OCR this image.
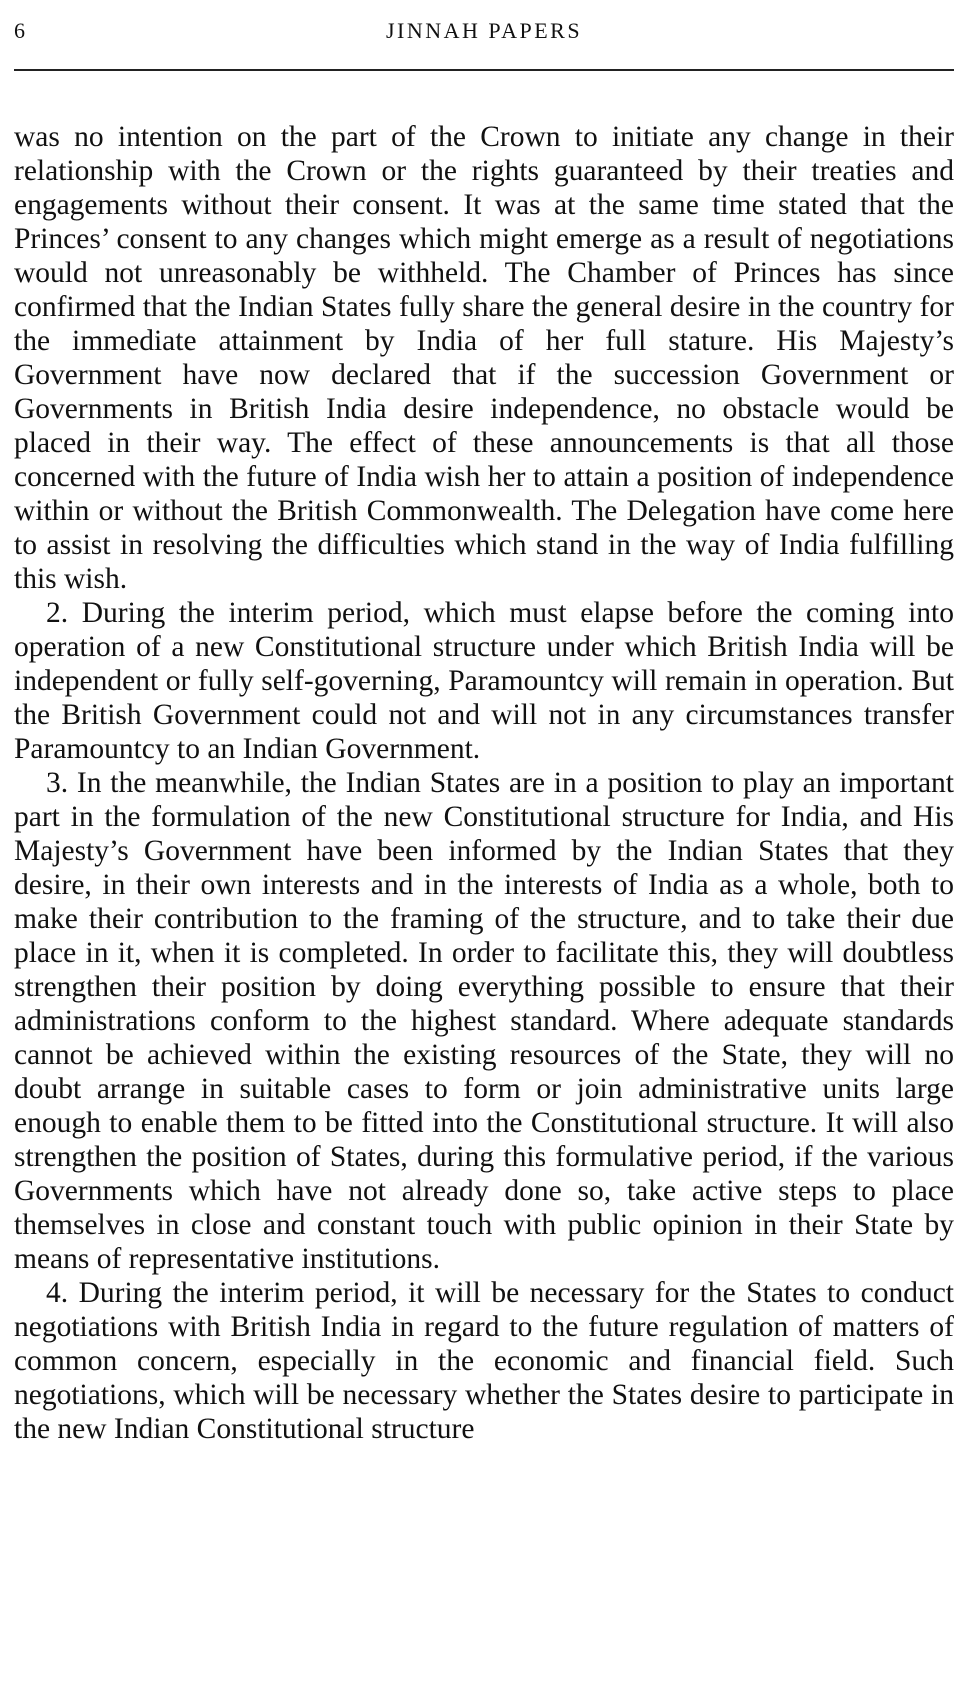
6	JINNAH PAPERS

was no intention on the part of the Crown to initiate any change in their relationship with the Crown or the rights guaranteed by their treaties and engagements without their consent. It was at the same time stated that the Princes’ consent to any changes which might emerge as a result of negotiations would not unreasonably be withheld. The Chamber of Princes has since confirmed that the Indian States fully share the general desire in the country for the immediate attainment by India of her full stature. His Majesty’s Government have now declared that if the succession Government or Governments in British India desire independence, no obstacle would be placed in their way. The effect of these announcements is that all those concerned with the future of India wish her to attain a position of independence within or without the British Commonwealth. The Delegation have come here to assist in resolving the difficulties which stand in the way of India fulfilling this wish.

2. During the interim period, which must elapse before the coming into operation of a new Constitutional structure under which British India will be independent or fully self-governing, Paramountcy will remain in operation. But the British Government could not and will not in any circumstances transfer Paramountcy to an Indian Government.

3. In the meanwhile, the Indian States are in a position to play an important part in the formulation of the new Constitutional structure for India, and His Majesty’s Government have been informed by the Indian States that they desire, in their own interests and in the interests of India as a whole, both to make their contribution to the framing of the structure, and to take their due place in it, when it is completed. In order to facilitate this, they will doubtless strengthen their position by doing everything possible to ensure that their administrations conform to the highest standard. Where adequate standards cannot be achieved within the existing resources of the State, they will no doubt arrange in suitable cases to form or join administrative units large enough to enable them to be fitted into the Constitutional structure. It will also strengthen the position of States, during this formulative period, if the various Governments which have not already done so, take active steps to place themselves in close and constant touch with public opinion in their State by means of representative institutions.

4. During the interim period, it will be necessary for the States to conduct negotiations with British India in regard to the future regulation of matters of common concern, especially in the economic and financial field. Such negotiations, which will be necessary whether the States desire to participate in the new Indian Constitutional structure
